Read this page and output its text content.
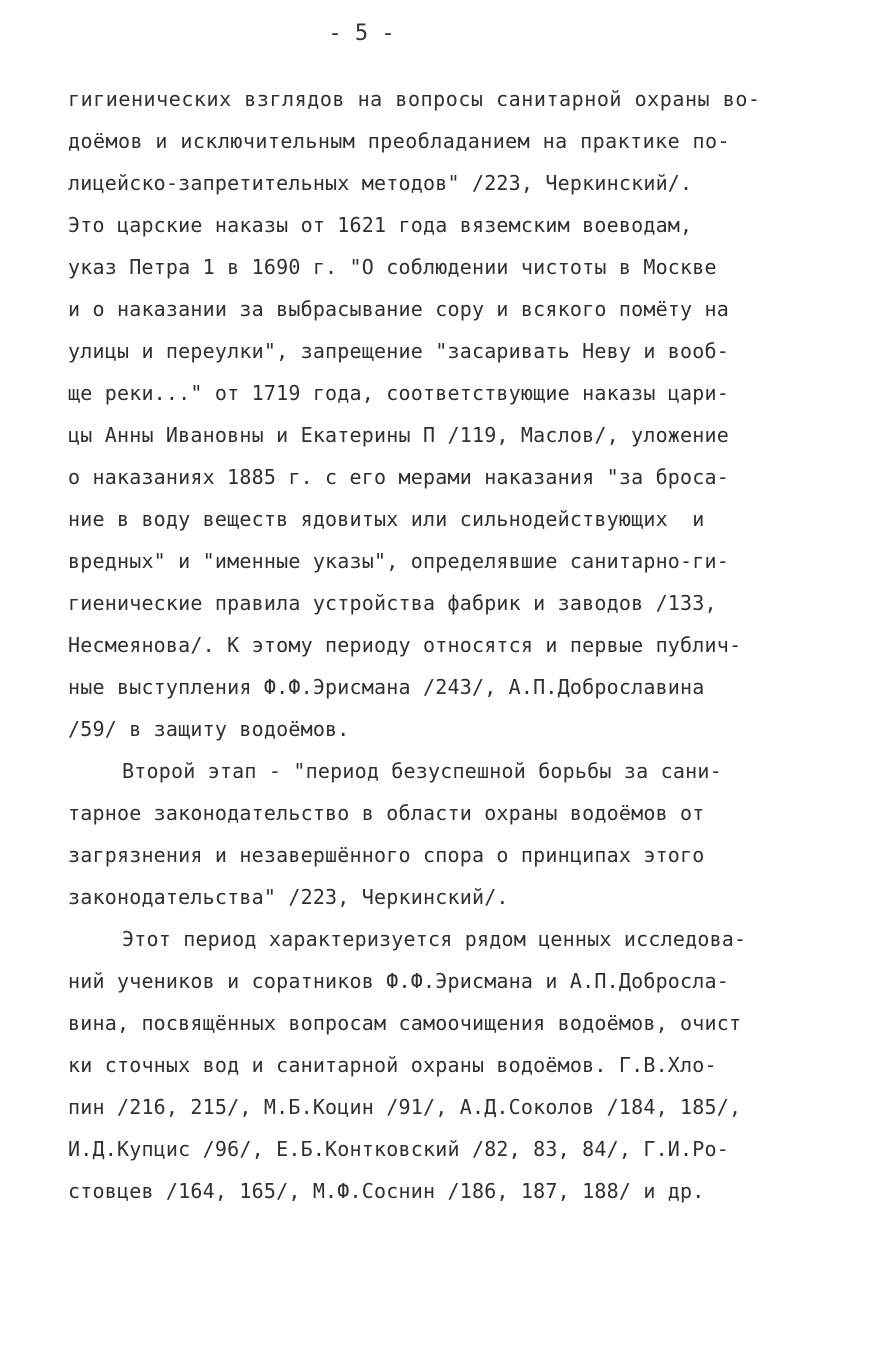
- 5 -
гигиенических взглядов на вопросы санитарной охраны во-
доёмов и исключительным преобладанием на практике по-
лицейско-запретительных методов" /223, Черкинский/.
Это царские наказы от 1621 года вяземским воеводам,
указ Петра 1 в 1690 г. "О соблюдении чистоты в Москве
и о наказании за выбрасывание сору и всякого помёту на
улицы и переулки", запрещение "засаривать Неву и вооб-
ще реки..." от 1719 года, соответствующие наказы цари-
цы Анны Ивановны и Екатерины П /119, Маслов/, уложение
о наказаниях 1885 г. с его мерами наказания "за броса-
ние в воду веществ ядовитых или сильнодействующих  и
вредных" и "именные указы", определявшие санитарно-ги-
гиенические правила устройства фабрик и заводов /133,
Несмеянова/. К этому периоду относятся и первые публич-
ные выступления Ф.Ф.Эрисмана /243/, А.П.Доброславина
/59/ в защиту водоёмов.
Второй этап - "период безуспешной борьбы за сани-
тарное законодательство в области охраны водоёмов от
загрязнения и незавершённого спора о принципах этого
законодательства" /223, Черкинский/.
Этот период характеризуется рядом ценных исследова-
ний учеников и соратников Ф.Ф.Эрисмана и А.П.Доброcла-
вина, посвящённых вопросам самоочищения водоёмов, очист
ки сточных вод и санитарной охраны водоёмов. Г.В.Хло-
пин /216, 215/, М.Б.Коцин /91/, А.Д.Соколов /184, 185/,
И.Д.Купцис /96/, Е.Б.Контковский /82, 83, 84/, Г.И.Ро-
стовцев /164, 165/, М.Ф.Соснин /186, 187, 188/ и др.
